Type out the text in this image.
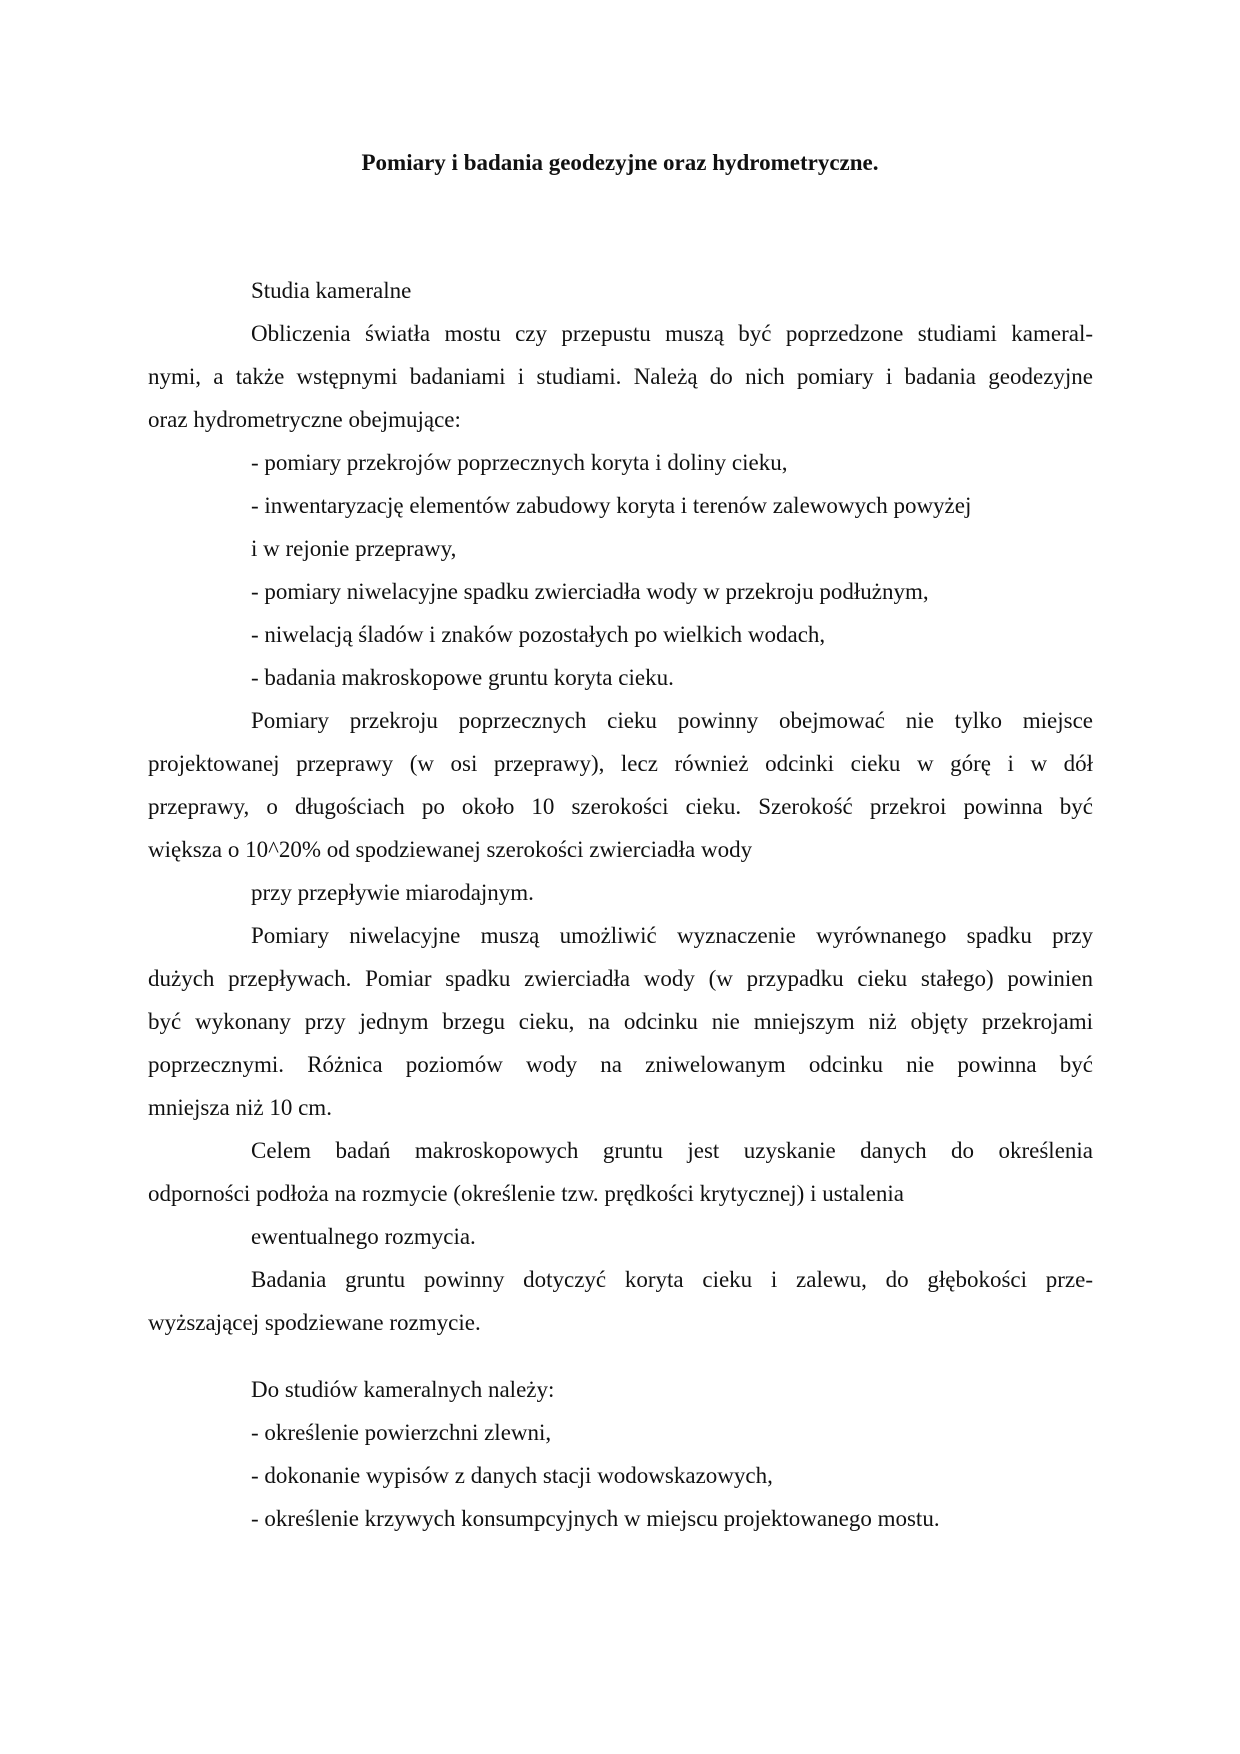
Pomiary i badania geodezyjne oraz hydrometryczne.
Studia kameralne
Obliczenia światła mostu czy przepustu muszą być poprzedzone studiami kameral-
nymi, a także wstępnymi badaniami i studiami. Należą do nich pomiary i badania geodezyjne
oraz hydrometryczne obejmujące:
- pomiary przekrojów poprzecznych koryta i doliny cieku,
- inwentaryzację elementów zabudowy koryta i terenów zalewowych powyżej
i w rejonie przeprawy,
- pomiary niwelacyjne spadku zwierciadła wody w przekroju podłużnym,
- niwelacją śladów i znaków pozostałych po wielkich wodach,
- badania makroskopowe gruntu koryta cieku.
Pomiary przekroju poprzecznych cieku powinny obejmować nie tylko miejsce
projektowanej przeprawy (w osi przeprawy), lecz również odcinki cieku w górę i w dół
przeprawy, o długościach po około 10 szerokości cieku. Szerokość przekroi powinna być
większa o 10^20% od spodziewanej szerokości zwierciadła wody
przy przepływie miarodajnym.
Pomiary niwelacyjne muszą umożliwić wyznaczenie wyrównanego spadku przy
dużych przepływach. Pomiar spadku zwierciadła wody (w przypadku cieku stałego) powinien
być wykonany przy jednym brzegu cieku, na odcinku nie mniejszym niż objęty przekrojami
poprzecznymi. Różnica poziomów wody na zniwelowanym odcinku nie powinna być
mniejsza niż 10 cm.
Celem badań makroskopowych gruntu jest uzyskanie danych do określenia
odporności podłoża na rozmycie (określenie tzw. prędkości krytycznej) i ustalenia
ewentualnego rozmycia.
Badania gruntu powinny dotyczyć koryta cieku i zalewu, do głębokości prze-
wyższającej spodziewane rozmycie.
Do studiów kameralnych należy:
- określenie powierzchni zlewni,
- dokonanie wypisów z danych stacji wodowskazowych,
- określenie krzywych konsumpcyjnych w miejscu projektowanego mostu.
